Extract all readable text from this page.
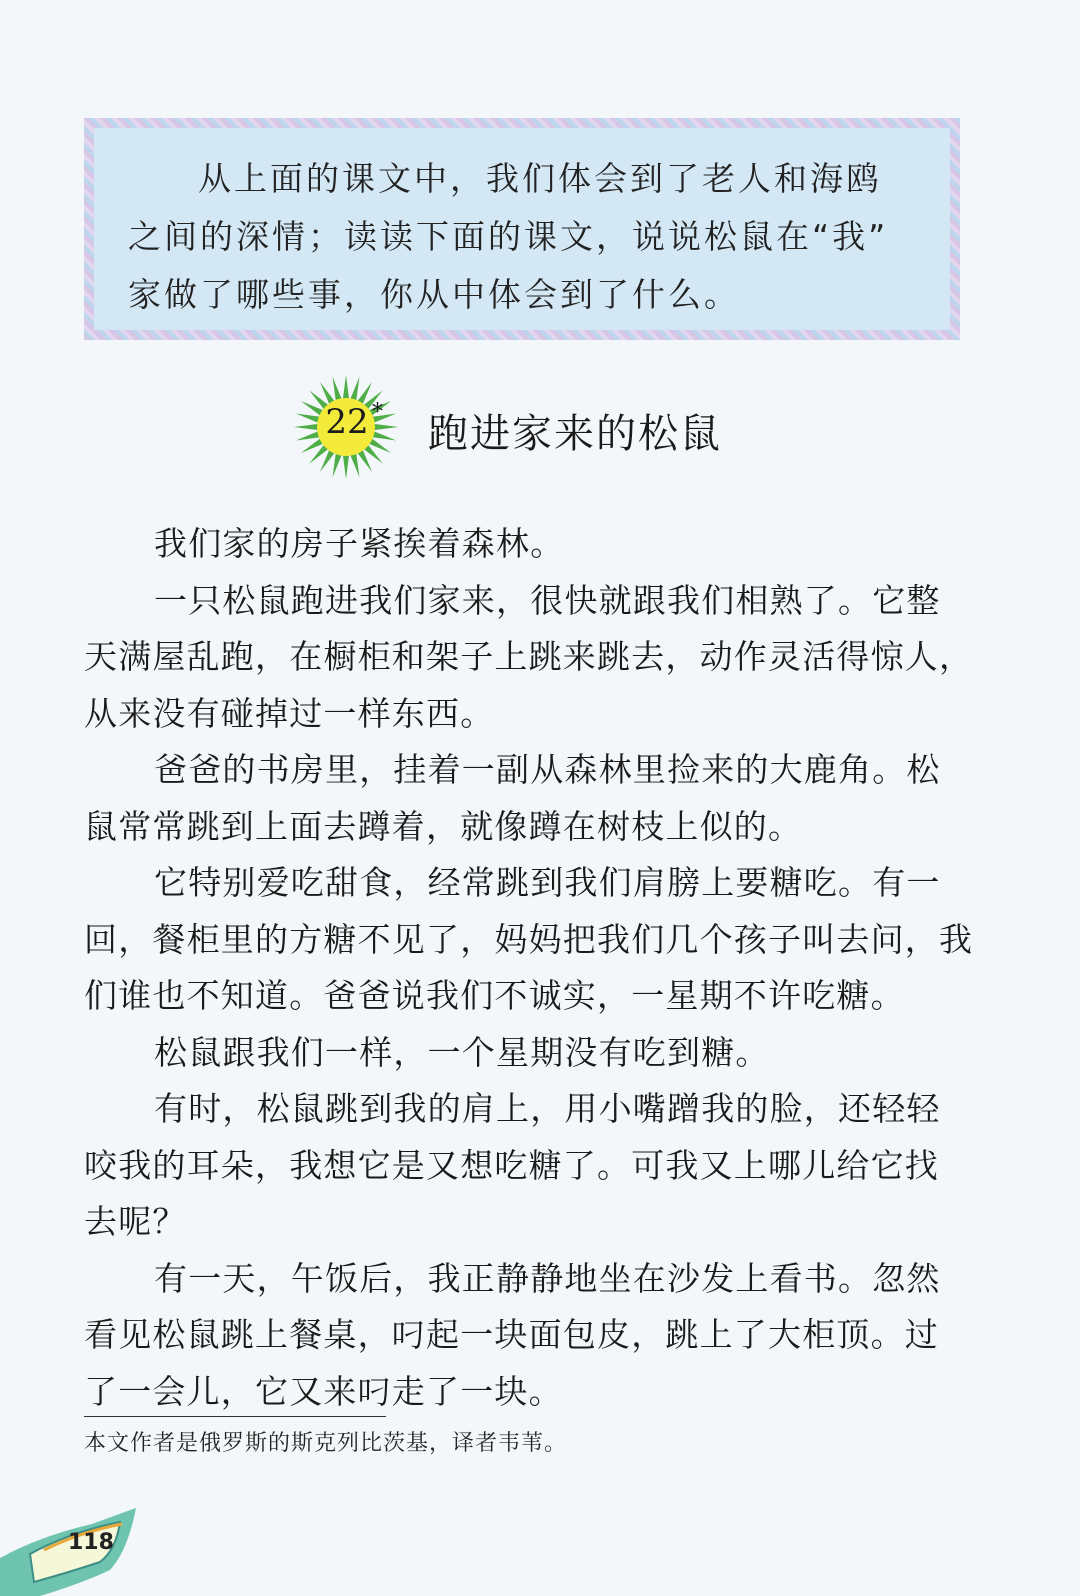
从上面的课文中，我们体会到了老人和海鸥
之间的深情；读读下面的课文，说说松鼠在“我”
家做了哪些事，你从中体会到了什么。
22 * 跑进家来的松鼠

我们家的房子紧挨着森林。

一只松鼠跑进我们家来，很快就跟我们相熟了。它整

天满屋乱跑，在橱柜和架子上跳来跳去，动作灵活得惊人，

从来没有碰掉过一样东西。

爸爸的书房里，挂着一副从森林里捡来的大鹿角。松

鼠常常跳到上面去蹲着，就像蹲在树枝上似的。

它特别爱吃甜食，经常跳到我们肩膀上要糖吃。有一

回，餐柜里的方糖不见了，妈妈把我们几个孩子叫去问，我

们谁也不知道。爸爸说我们不诚实，一星期不许吃糖。

松鼠跟我们一样，一个星期没有吃到糖。

有时，松鼠跳到我的肩上，用小嘴蹭我的脸，还轻轻

咬我的耳朵，我想它是又想吃糖了。可我又上哪儿给它找

去呢？

有一天，午饭后，我正静静地坐在沙发上看书。忽然

看见松鼠跳上餐桌，叼起一块面包皮，跳上了大柜顶。过

了一会儿，它又来叼走了一块。

本文作者是俄罗斯的斯克列比茨基，译者韦苇。
118
